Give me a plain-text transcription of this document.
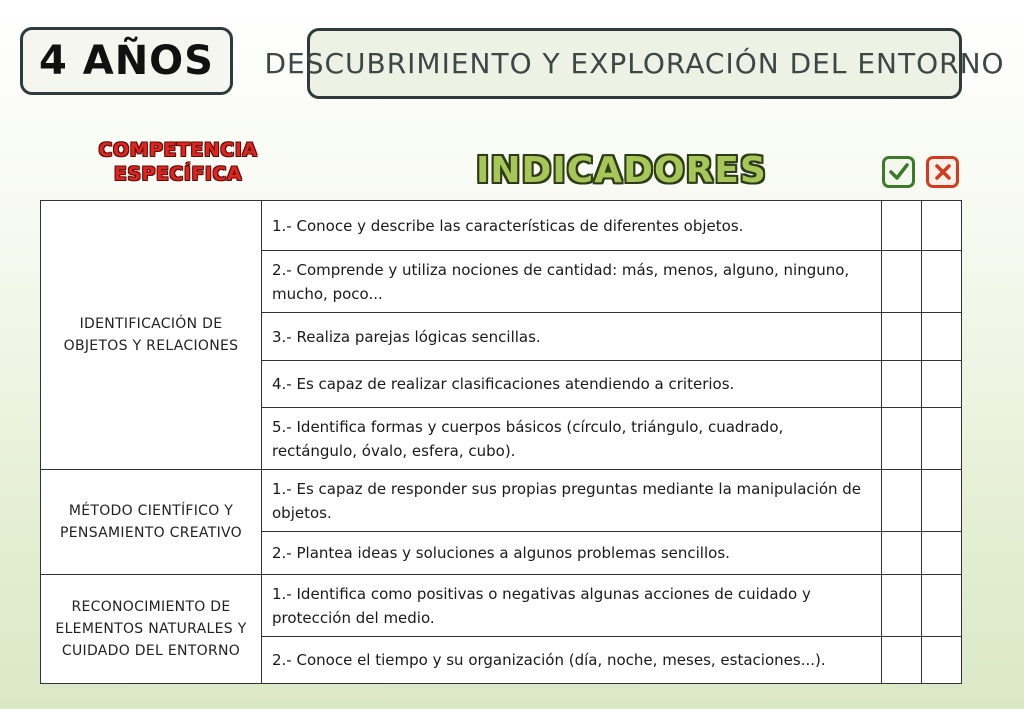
4 AÑOS DESCUBRIMIENTO Y EXPLORACIÓN DEL ENTORNO
COMPETENCIA
ESPECÍFICA	INDICADORES
IDENTIFICACIÓN DE OBJETOS Y RELACIONES	1.- Conoce y describe las características de diferentes objetos.		
	2.- Comprende y utiliza nociones de cantidad: más, menos, alguno, ninguno, mucho, poco...		
	3.- Realiza parejas lógicas sencillas.		
	4.- Es capaz de realizar clasificaciones atendiendo a criterios.		
	5.- Identifica formas y cuerpos básicos (círculo, triángulo, cuadrado, rectángulo, óvalo, esfera, cubo).		
MÉTODO CIENTÍFICO Y PENSAMIENTO CREATIVO	1.- Es capaz de responder sus propias preguntas mediante la manipulación de objetos.		
	2.- Plantea ideas y soluciones a algunos problemas sencillos.		
RECONOCIMIENTO DE ELEMENTOS NATURALES Y CUIDADO DEL ENTORNO	1.- Identifica como positivas o negativas algunas acciones de cuidado y protección del medio.		
	2.- Conoce el tiempo y su organización (día, noche, meses, estaciones...).		
